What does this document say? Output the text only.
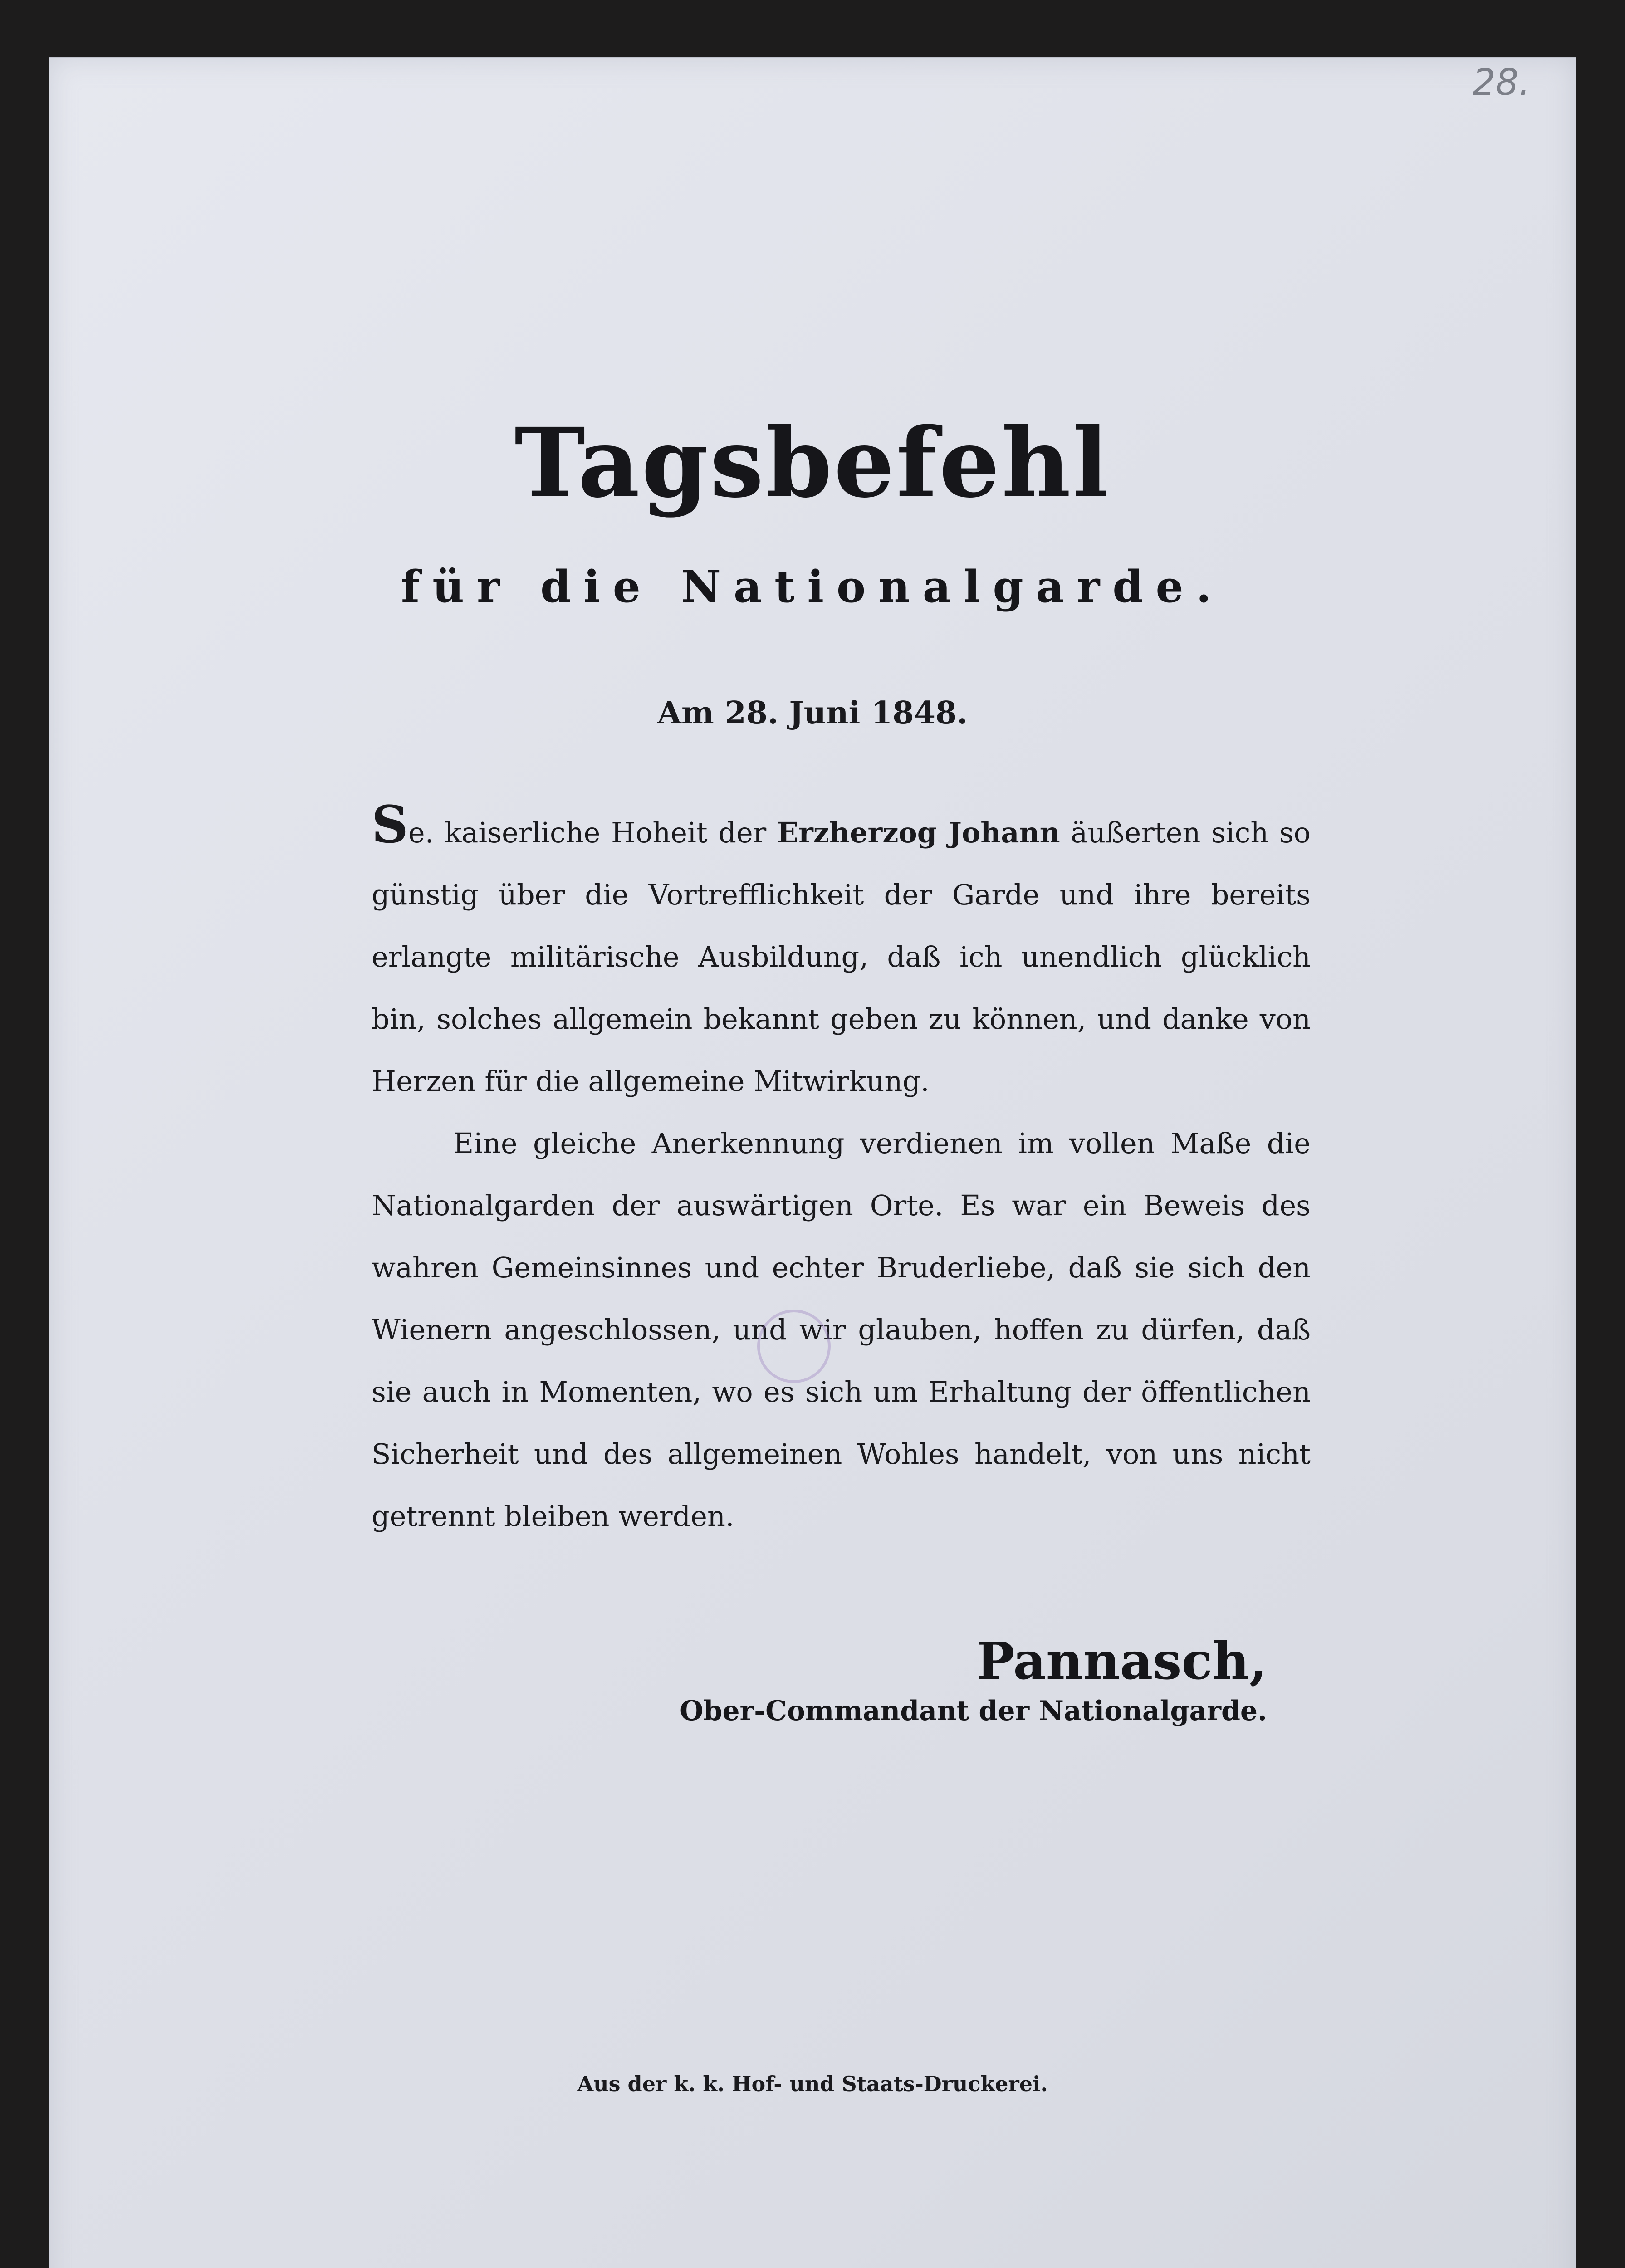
28.
Tagsbefehl
für die Nationalgarde.
Am 28. Juni 1848.

Se. kaiserliche Hoheit der Erzherzog Johann äußerten sich so günstig über die Vortrefflichkeit der Garde und ihre bereits erlangte militärische Ausbildung, daß ich unendlich glücklich bin, solches allgemein bekannt geben zu können, und danke von Herzen für die allgemeine Mitwirkung.

Eine gleiche Anerkennung verdienen im vollen Maße die Nationalgarden der auswärtigen Orte. Es war ein Beweis des wahren Gemeinsinnes und echter Bruderliebe, daß sie sich den Wienern angeschlossen, und wir glauben, hoffen zu dürfen, daß sie auch in Momenten, wo es sich um Erhaltung der öffentlichen Sicherheit und des allgemeinen Wohles handelt, von uns nicht getrennt bleiben werden.

Pannasch,
Ober-Commandant der Nationalgarde.
Aus der k. k. Hof- und Staats-Druckerei.
